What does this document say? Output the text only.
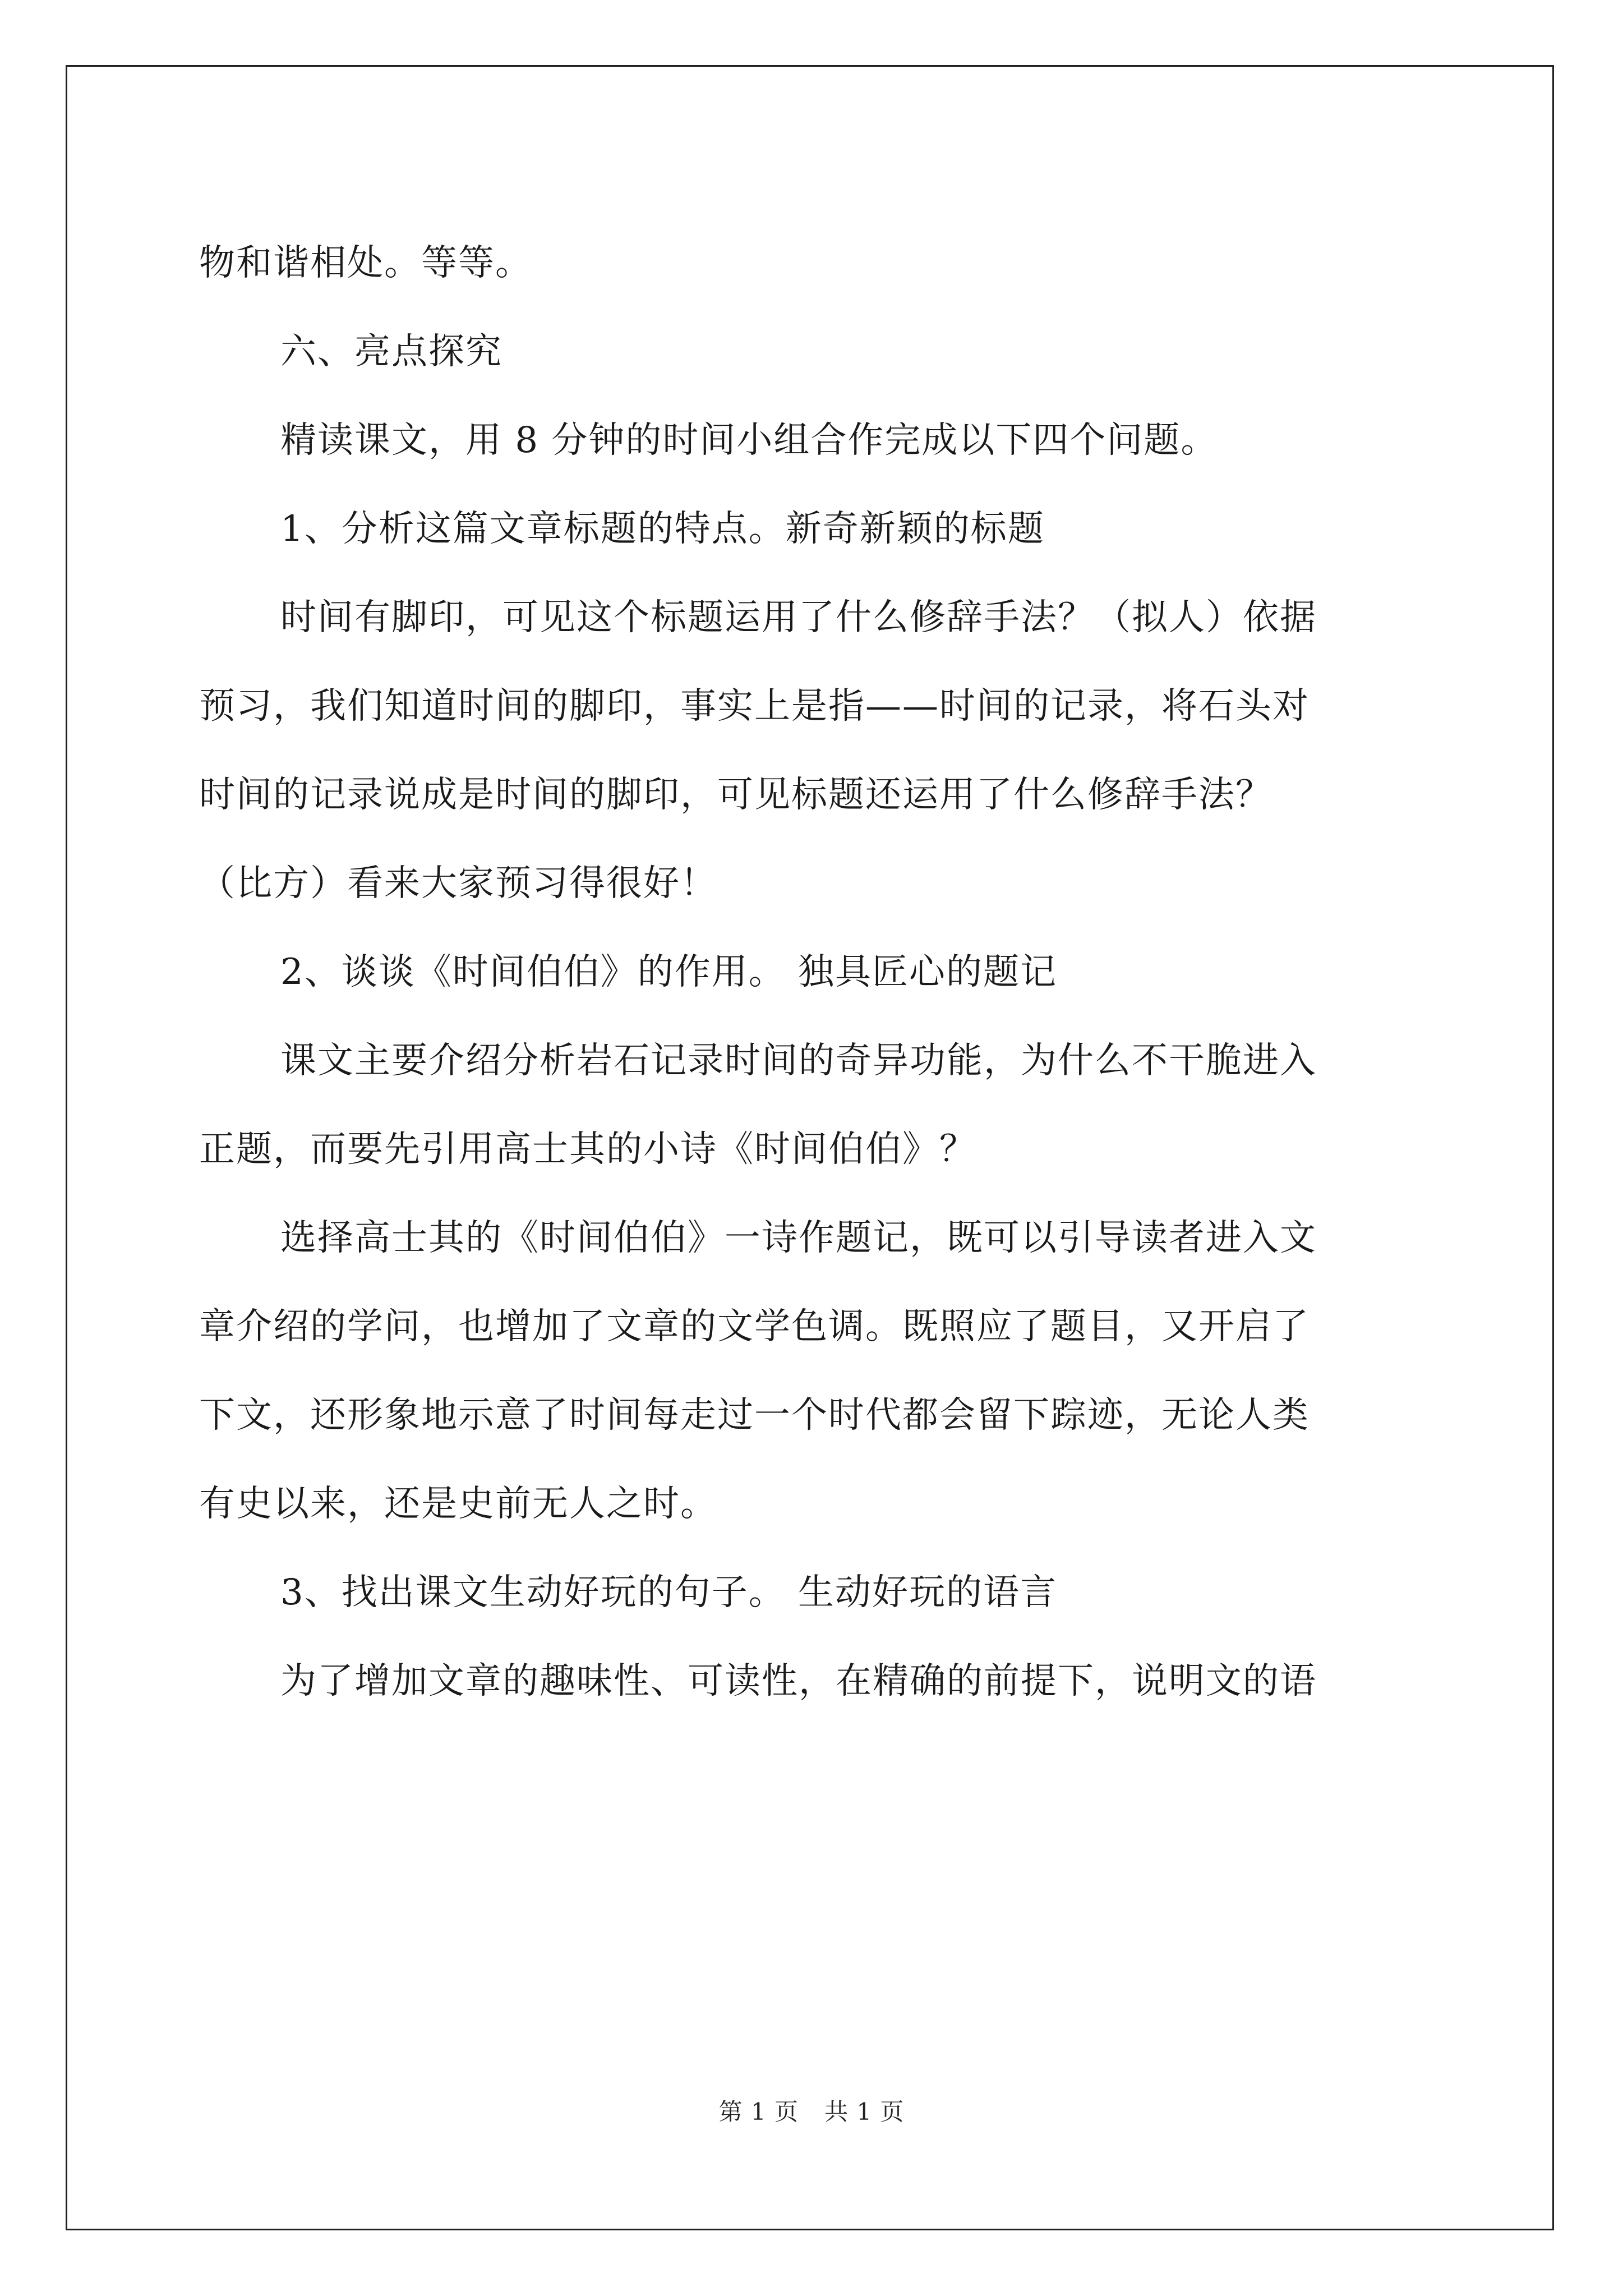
物和谐相处。等等。

六、亮点探究

精读课文，用 8 分钟的时间小组合作完成以下四个问题。

1、分析这篇文章标题的特点。新奇新颖的标题

时间有脚印，可见这个标题运用了什么修辞手法？（拟人）依据

预习，我们知道时间的脚印，事实上是指——时间的记录，将石头对

时间的记录说成是时间的脚印，可见标题还运用了什么修辞手法？

（比方）看来大家预习得很好！

2、谈谈《时间伯伯》的作用。 独具匠心的题记

课文主要介绍分析岩石记录时间的奇异功能，为什么不干脆进入

正题，而要先引用高士其的小诗《时间伯伯》？

选择高士其的《时间伯伯》一诗作题记，既可以引导读者进入文

章介绍的学问，也增加了文章的文学色调。既照应了题目，又开启了

下文，还形象地示意了时间每走过一个时代都会留下踪迹，无论人类

有史以来，还是史前无人之时。

3、找出课文生动好玩的句子。 生动好玩的语言

为了增加文章的趣味性、可读性，在精确的前提下，说明文的语

第 1 页 共 1 页
